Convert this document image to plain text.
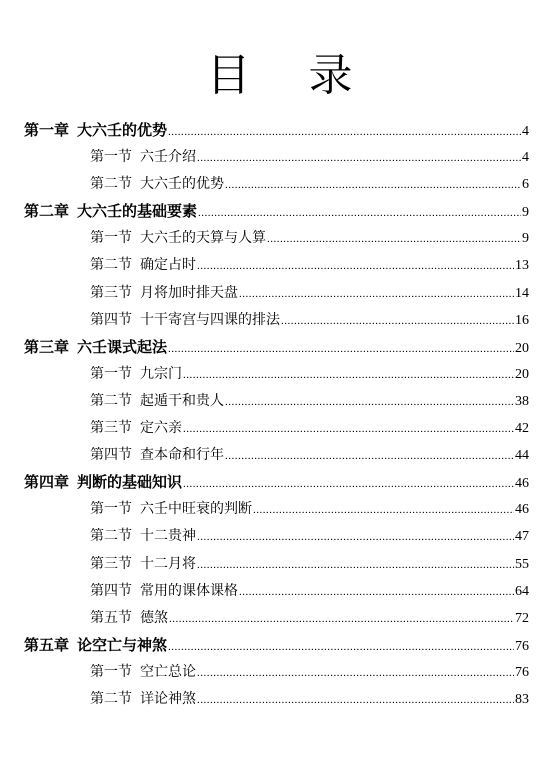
目 录
第一章 大六壬的优势 .....	4
第一节 六壬介绍 .....	4
第二节 大六壬的优势 .....	6
第二章 大六壬的基础要素 .....	9
第一节 大六壬的天算与人算 .....	9
第二节 确定占时 .....	13
第三节 月将加时排天盘 .....	14
第四节 十干寄宫与四课的排法 .....	16
第三章 六壬课式起法 .....	20
第一节 九宗门 .....	20
第二节 起遁干和贵人 .....	38
第三节 定六亲 .....	42
第四节 查本命和行年 .....	44
第四章 判断的基础知识 .....	46
第一节 六壬中旺衰的判断 .....	46
第二节 十二贵神 .....	47
第三节 十二月将 .....	55
第四节 常用的课体课格 .....	64
第五节 德煞 .....	72
第五章 论空亡与神煞 .....	76
第一节 空亡总论 .....	76
第二节 详论神煞 .....	83
